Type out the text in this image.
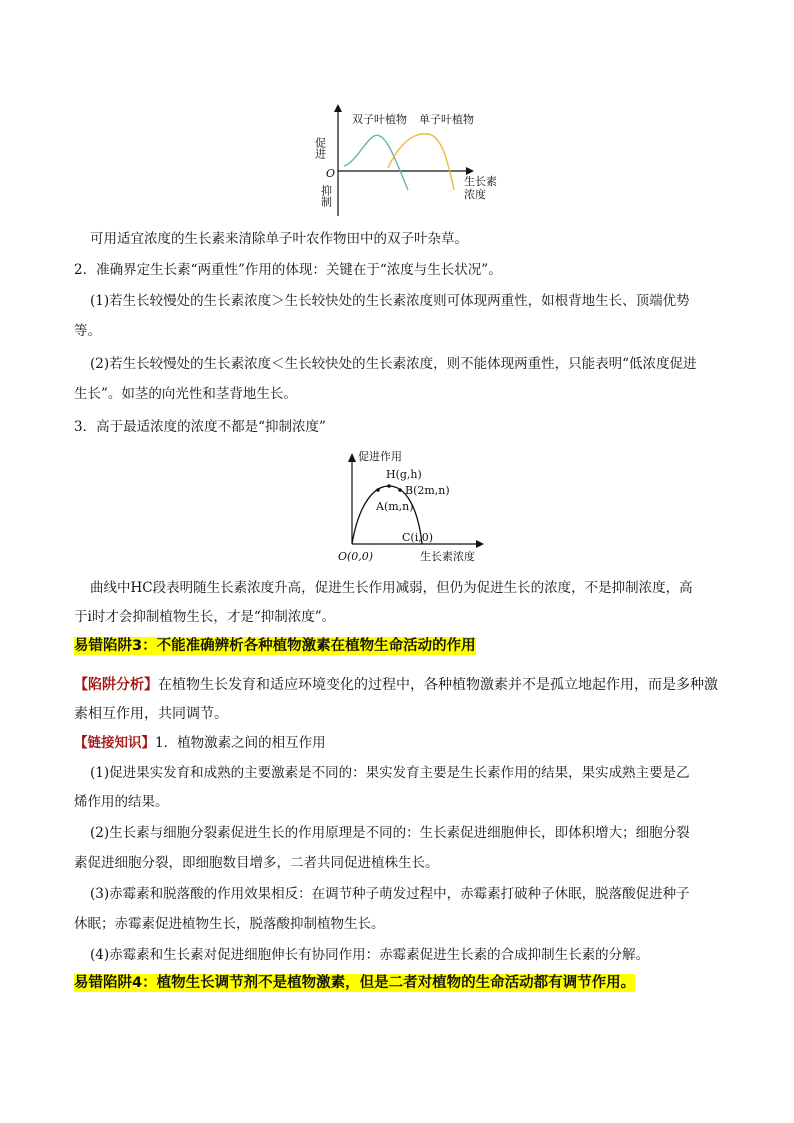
双子叶植物 单子叶植物
促进
O
抑制
生长素
浓度
可用适宜浓度的生长素来清除单子叶农作物田中的双子叶杂草。
2．准确界定生长素“两重性”作用的体现：关键在于“浓度与生长状况”。
(1)若生长较慢处的生长素浓度＞生长较快处的生长素浓度则可体现两重性，如根背地生长、顶端优势
等。
(2)若生长较慢处的生长素浓度＜生长较快处的生长素浓度，则不能体现两重性，只能表明“低浓度促进
生长”。如茎的向光性和茎背地生长。
3．高于最适浓度的浓度不都是“抑制浓度”
促进作用
H(g,h)
B(2m,n)
A(m,n)
C(i,0)
O(0,0)	生长素浓度
曲线中HC段表明随生长素浓度升高，促进生长作用减弱，但仍为促进生长的浓度，不是抑制浓度，高
于i时才会抑制植物生长，才是“抑制浓度”。
易错陷阱3：不能准确辨析各种植物激素在植物生命活动的作用
【陷阱分析】在植物生长发育和适应环境变化的过程中，各种植物激素并不是孤立地起作用，而是多种激
素相互作用，共同调节。
【链接知识】1．植物激素之间的相互作用
(1)促进果实发育和成熟的主要激素是不同的：果实发育主要是生长素作用的结果，果实成熟主要是乙
烯作用的结果。
(2)生长素与细胞分裂素促进生长的作用原理是不同的：生长素促进细胞伸长，即体积增大；细胞分裂
素促进细胞分裂，即细胞数目增多，二者共同促进植株生长。
(3)赤霉素和脱落酸的作用效果相反：在调节种子萌发过程中，赤霉素打破种子休眠，脱落酸促进种子
休眠；赤霉素促进植物生长，脱落酸抑制植物生长。
(4)赤霉素和生长素对促进细胞伸长有协同作用：赤霉素促进生长素的合成抑制生长素的分解。
易错陷阱4：植物生长调节剂不是植物激素，但是二者对植物的生命活动都有调节作用。
